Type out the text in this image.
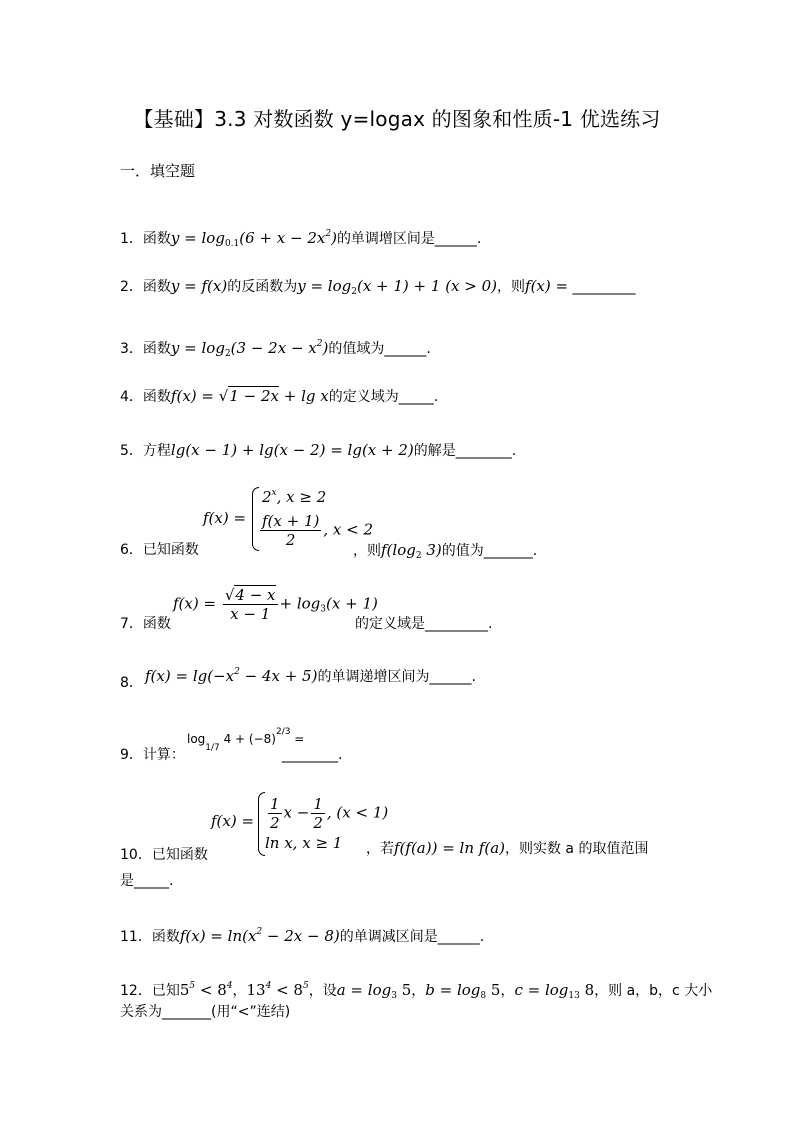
【基础】3.3 对数函数 y=logax 的图象和性质-1 优选练习
一．填空题
1．函数$y = \log_{0.1}(6 + x - 2x^2)$的单调增区间是______.
2．函数y = f(x)的反函数为$y = \log_2(x + 1) + 1$ (x > 0)，则f(x) = _________
3．函数$y = \log_2(3 - 2x - x^2)$的值域为______.
4．函数f(x) = √1 − 2x + lg x的定义域为_____.
5．方程lg(x − 1) + lg(x − 2) = lg(x + 2)的解是________.
f(x) =
$2^x$, x ≥ 2
$\frac{f(x + 1)}{2}$ , x < 2
6．已知函数	，则$f(\log_2$ 3)的值为_______.
7．函数
$f(x) = \frac{√4 - x}{x - 1} + \log_3(x + 1)$
的定义域是_________.
8． $f(x) = \lg(-x^2 - 4x + 5)$的单调递增区间为______.
9．计算：
$\log_{1/7} 4 + (-8)^{2/3}$ =
________.
$f(x) = \frac{1}{2}$ $x - \frac{1}{2}$ , (x < 1)
ln x, x ≥ 1
10．已知函数	，若f(f(a)) = ln f(a)，则实数 a 的取值范围
是_____.
11．函数$f(x) = \ln(x^2 - 2x - 8)$的单调减区间是______.
12．已知$5^5 < 8^4$，$13^4 < 8^5$，设$a = \log_3 5$，$b = \log_8 5$，$c = \log_{13} 8$，则 a，b，c 大小
关系为_______(用“<”连结)
